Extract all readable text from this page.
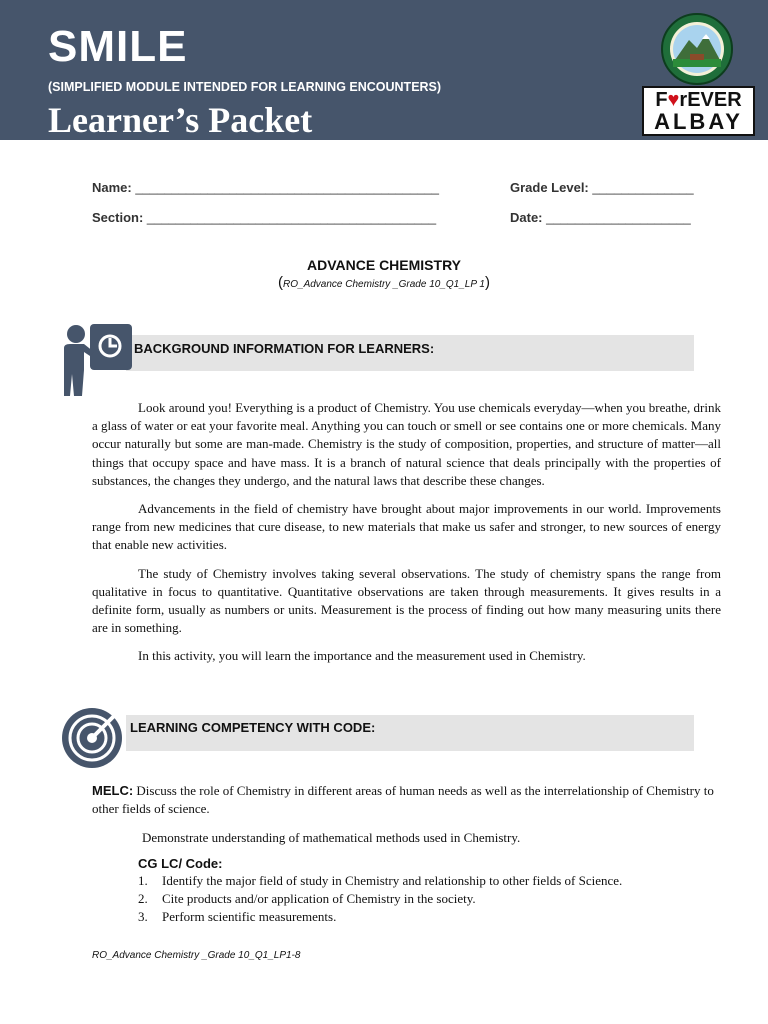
SMILE
(SIMPLIFIED MODULE INTENDED FOR LEARNING ENCOUNTERS)
Learner’s Packet	F♥rEVER
ALBAY
Name: __________________________________________	Grade Level: ______________
Section: ________________________________________	Date: ____________________
ADVANCE CHEMISTRY
(RO_Advance Chemistry _Grade 10_Q1_LP 1)
BACKGROUND INFORMATION FOR LEARNERS:

Look around you! Everything is a product of Chemistry. You use chemicals everyday—when you breathe, drink a glass of water or eat your favorite meal. Anything you can touch or smell or see contains one or more chemicals. Many occur naturally but some are man-made. Chemistry is the study of composition, properties, and structure of matter—all things that occupy space and have mass. It is a branch of natural science that deals principally with the properties of substances, the changes they undergo, and the natural laws that describe these changes.

Advancements in the field of chemistry have brought about major improvements in our world. Improvements range from new medicines that cure disease, to new materials that make us safer and stronger, to new sources of energy that enable new activities.

The study of Chemistry involves taking several observations. The study of chemistry spans the range from qualitative in focus to quantitative. Quantitative observations are taken through measurements. It gives results in a definite form, usually as numbers or units. Measurement is the process of finding out how many measuring units there are in something.

In this activity, you will learn the importance and the measurement used in Chemistry.

LEARNING COMPETENCY WITH CODE:
MELC: Discuss the role of Chemistry in different areas of human needs as well as the interrelationship of Chemistry to other fields of science.
Demonstrate understanding of mathematical methods used in Chemistry.
CG LC/ Code:
1. Identify the major field of study in Chemistry and relationship to other fields of Science.
2. Cite products and/or application of Chemistry in the society.
3. Perform scientific measurements.
RO_Advance Chemistry _Grade 10_Q1_LP1-8
